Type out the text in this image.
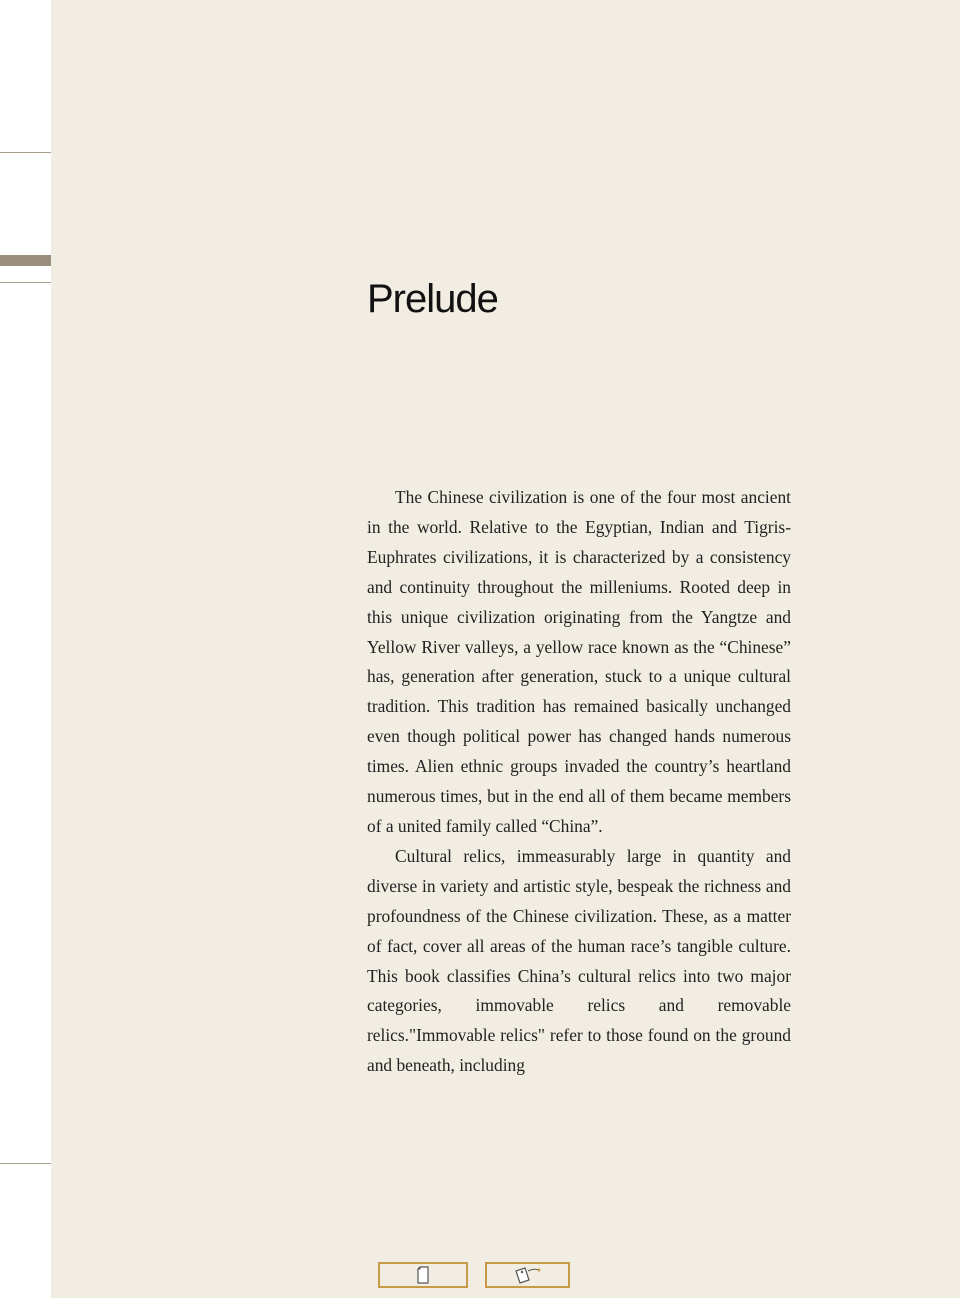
Prelude

The Chinese civilization is one of the four most ancient in the world. Relative to the Egyptian, Indian and Tigris-Euphrates civilizations, it is characterized by a consistency and continuity throughout the milleniums. Rooted deep in this unique civilization originating from the Yangtze and Yellow River valleys, a yellow race known as the “Chinese” has, generation after generation, stuck to a unique cultural tradition. This tradition has remained basically unchanged even though political power has changed hands numerous times. Alien ethnic groups invaded the country’s heartland numerous times, but in the end all of them became members of a united family called “China”.

Cultural relics, immeasurably large in quantity and diverse in variety and artistic style, bespeak the richness and profoundness of the Chinese civilization. These, as a matter of fact, cover all areas of the human race’s tangible culture. This book classifies China’s cultural relics into two major categories, immovable relics and removable relics."Immovable relics" refer to those found on the ground and beneath, including
